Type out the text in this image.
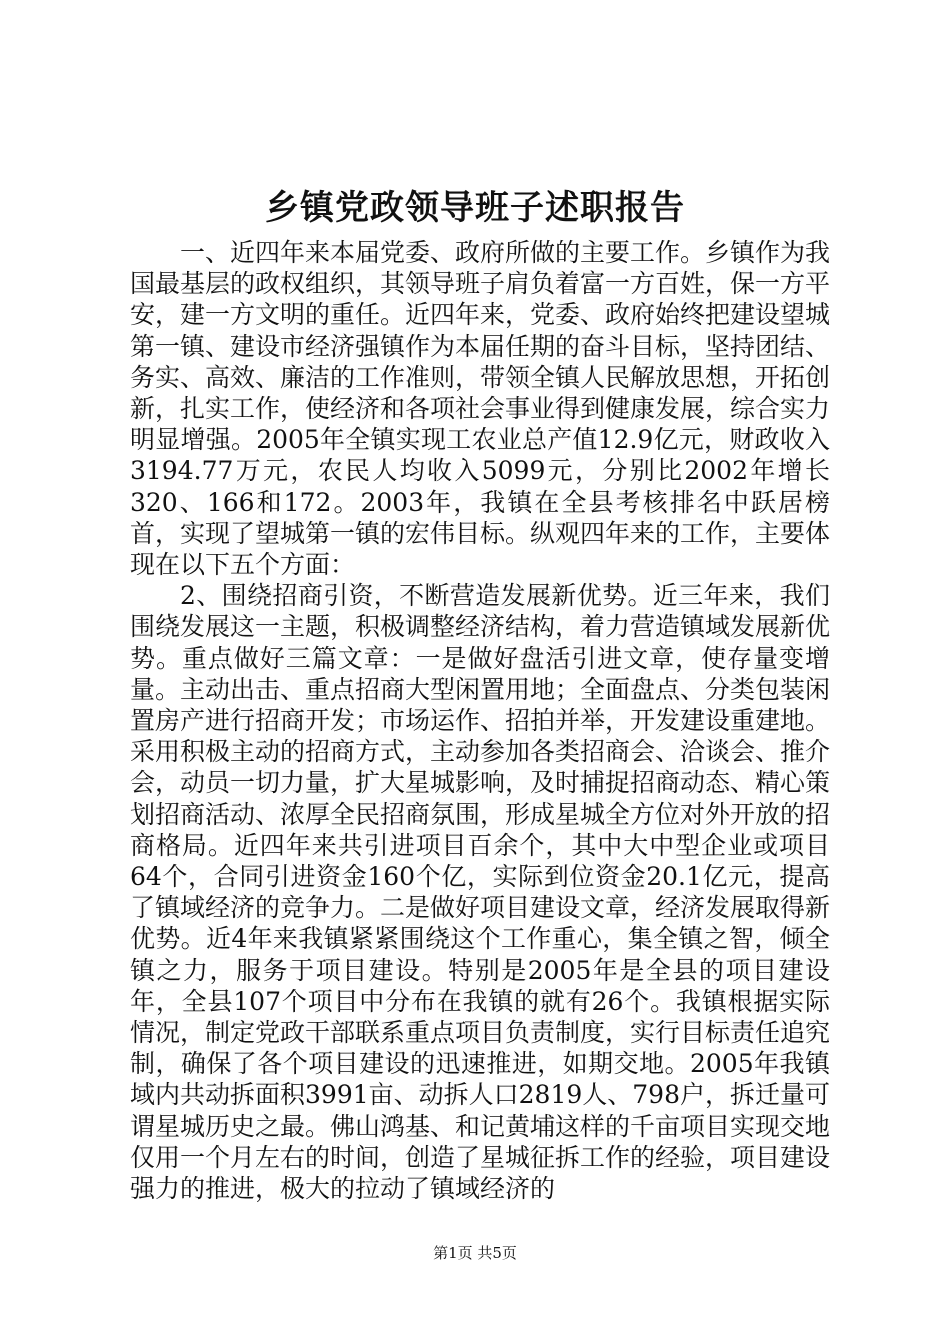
乡镇党政领导班子述职报告

一、近四年来本届党委、政府所做的主要工作。乡镇作为我国最基层的政权组织，其领导班子肩负着富一方百姓，保一方平安，建一方文明的重任。近四年来，党委、政府始终把建设望城第一镇、建设市经济强镇作为本届任期的奋斗目标，坚持团结、务实、高效、廉洁的工作准则，带领全镇人民解放思想，开拓创新，扎实工作，使经济和各项社会事业得到健康发展，综合实力明显增强。2005年全镇实现工农业总产值12.9亿元，财政收入3194.77万元，农民人均收入5099元，分别比2002年增长320、166和172。2003年，我镇在全县考核排名中跃居榜首，实现了望城第一镇的宏伟目标。纵观四年来的工作，主要体现在以下五个方面：

2、围绕招商引资，不断营造发展新优势。近三年来，我们围绕发展这一主题，积极调整经济结构，着力营造镇域发展新优势。重点做好三篇文章：一是做好盘活引进文章，使存量变增量。主动出击、重点招商大型闲置用地；全面盘点、分类包装闲置房产进行招商开发；市场运作、招拍并举，开发建设重建地。采用积极主动的招商方式，主动参加各类招商会、洽谈会、推介会，动员一切力量，扩大星城影响，及时捕捉招商动态、精心策划招商活动、浓厚全民招商氛围，形成星城全方位对外开放的招商格局。近四年来共引进项目百余个，其中大中型企业或项目64个，合同引进资金160个亿，实际到位资金20.1亿元，提高了镇域经济的竞争力。二是做好项目建设文章，经济发展取得新优势。近4年来我镇紧紧围绕这个工作重心，集全镇之智，倾全镇之力，服务于项目建设。特别是2005年是全县的项目建设年，全县107个项目中分布在我镇的就有26个。我镇根据实际情况，制定党政干部联系重点项目负责制度，实行目标责任追究制，确保了各个项目建设的迅速推进，如期交地。2005年我镇域内共动拆面积3991亩、动拆人口2819人、798户，拆迁量可谓星城历史之最。佛山鸿基、和记黄埔这样的千亩项目实现交地仅用一个月左右的时间，创造了星城征拆工作的经验，项目建设强力的推进，极大的拉动了镇域经济的

第1页 共5页
